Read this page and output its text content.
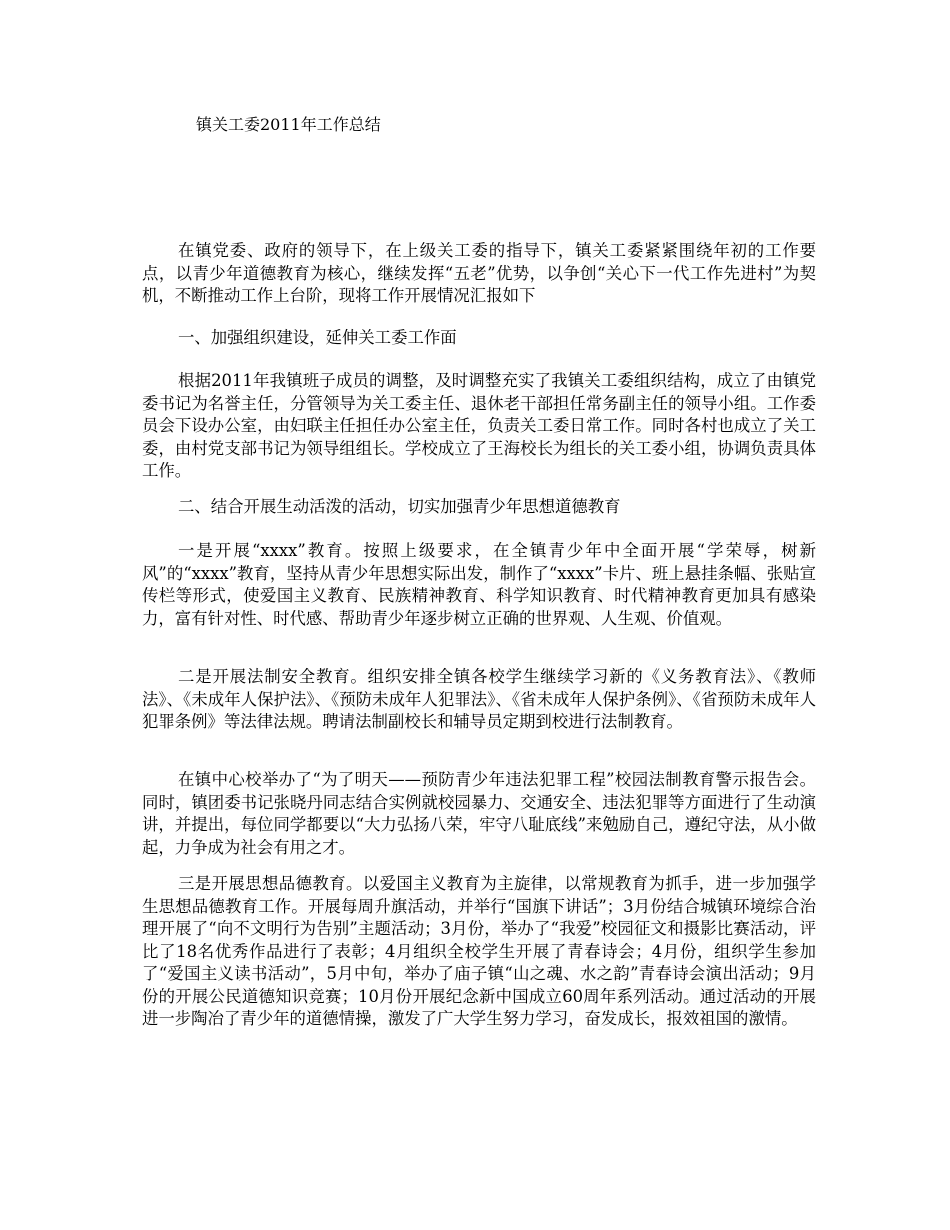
镇关工委2011年工作总结

在镇党委、政府的领导下，在上级关工委的指导下，镇关工委紧紧围绕年初的工作要点，以青少年道德教育为核心，继续发挥“五老”优势，以争创“关心下一代工作先进村”为契机，不断推动工作上台阶，现将工作开展情况汇报如下

一、加强组织建设，延伸关工委工作面

根据2011年我镇班子成员的调整，及时调整充实了我镇关工委组织结构，成立了由镇党委书记为名誉主任，分管领导为关工委主任、退休老干部担任常务副主任的领导小组。工作委员会下设办公室，由妇联主任担任办公室主任，负责关工委日常工作。同时各村也成立了关工委，由村党支部书记为领导组组长。学校成立了王海校长为组长的关工委小组，协调负责具体工作。

二、结合开展生动活泼的活动，切实加强青少年思想道德教育

一是开展“xxxx”教育。按照上级要求，在全镇青少年中全面开展“学荣辱，树新风”的“xxxx”教育，坚持从青少年思想实际出发，制作了“xxxx”卡片、班上悬挂条幅、张贴宣传栏等形式，使爱国主义教育、民族精神教育、科学知识教育、时代精神教育更加具有感染力，富有针对性、时代感、帮助青少年逐步树立正确的世界观、人生观、价值观。

二是开展法制安全教育。组织安排全镇各校学生继续学习新的《义务教育法》、《教师法》、《未成年人保护法》、《预防未成年人犯罪法》、《省未成年人保护条例》、《省预防未成年人犯罪条例》等法律法规。聘请法制副校长和辅导员定期到校进行法制教育。

在镇中心校举办了“为了明天——预防青少年违法犯罪工程”校园法制教育警示报告会。同时，镇团委书记张晓丹同志结合实例就校园暴力、交通安全、违法犯罪等方面进行了生动演讲，并提出，每位同学都要以“大力弘扬八荣，牢守八耻底线”来勉励自己，遵纪守法，从小做起，力争成为社会有用之才。

三是开展思想品德教育。以爱国主义教育为主旋律，以常规教育为抓手，进一步加强学生思想品德教育工作。开展每周升旗活动，并举行“国旗下讲话”；3月份结合城镇环境综合治理开展了“向不文明行为告别”主题活动；3月份，举办了“我爱”校园征文和摄影比赛活动，评比了18名优秀作品进行了表彰；4月组织全校学生开展了青春诗会；4月份，组织学生参加了“爱国主义读书活动”，5月中旬，举办了庙子镇“山之魂、水之韵”青春诗会演出活动；9月份的开展公民道德知识竞赛；10月份开展纪念新中国成立60周年系列活动。通过活动的开展进一步陶冶了青少年的道德情操，激发了广大学生努力学习，奋发成长，报效祖国的激情。
